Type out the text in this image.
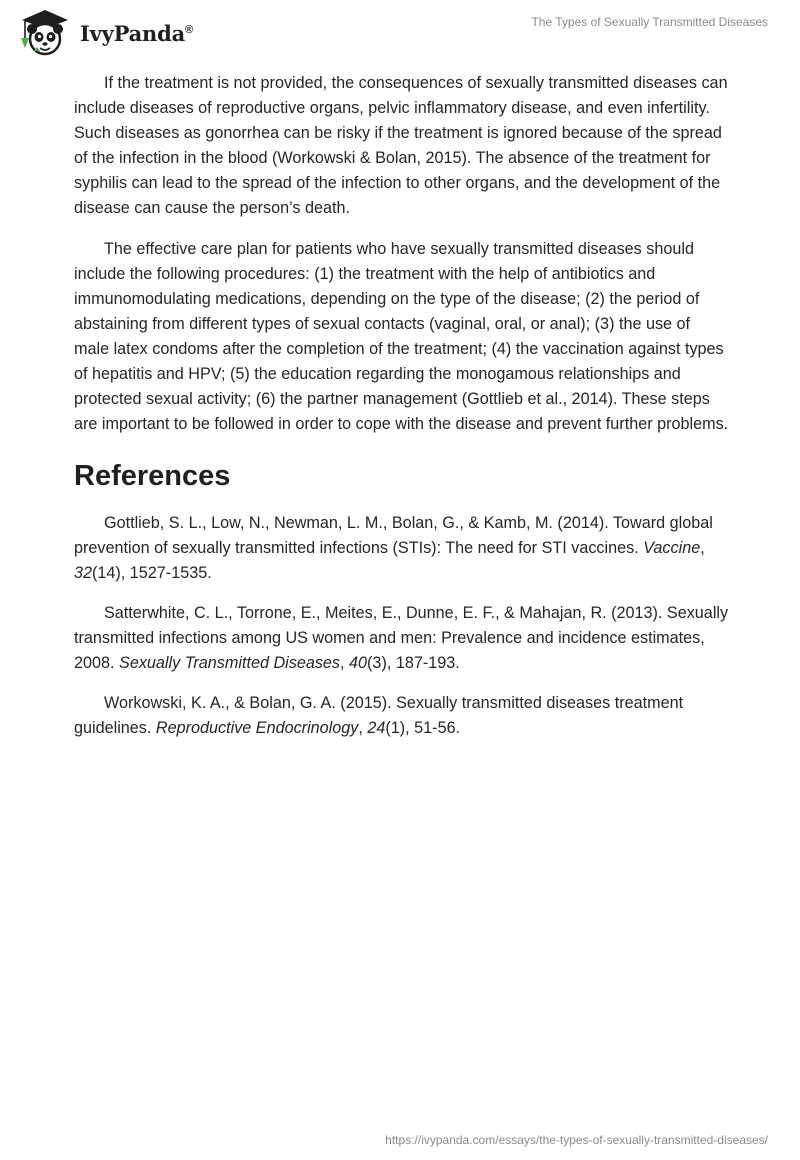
IvyPanda®
The Types of Sexually Transmitted Diseases

If the treatment is not provided, the consequences of sexually transmitted diseases can include diseases of reproductive organs, pelvic inflammatory disease, and even infertility. Such diseases as gonorrhea can be risky if the treatment is ignored because of the spread of the infection in the blood (Workowski & Bolan, 2015). The absence of the treatment for syphilis can lead to the spread of the infection to other organs, and the development of the disease can cause the person’s death.

The effective care plan for patients who have sexually transmitted diseases should include the following procedures: (1) the treatment with the help of antibiotics and immunomodulating medications, depending on the type of the disease; (2) the period of abstaining from different types of sexual contacts (vaginal, oral, or anal); (3) the use of male latex condoms after the completion of the treatment; (4) the vaccination against types of hepatitis and HPV; (5) the education regarding the monogamous relationships and protected sexual activity; (6) the partner management (Gottlieb et al., 2014). These steps are important to be followed in order to cope with the disease and prevent further problems.

References

Gottlieb, S. L., Low, N., Newman, L. M., Bolan, G., & Kamb, M. (2014). Toward global prevention of sexually transmitted infections (STIs): The need for STI vaccines. Vaccine, 32(14), 1527-1535.

Satterwhite, C. L., Torrone, E., Meites, E., Dunne, E. F., & Mahajan, R. (2013). Sexually transmitted infections among US women and men: Prevalence and incidence estimates, 2008. Sexually Transmitted Diseases, 40(3), 187-193.

Workowski, K. A., & Bolan, G. A. (2015). Sexually transmitted diseases treatment guidelines. Reproductive Endocrinology, 24(1), 51-56.

https://ivypanda.com/essays/the-types-of-sexually-transmitted-diseases/
